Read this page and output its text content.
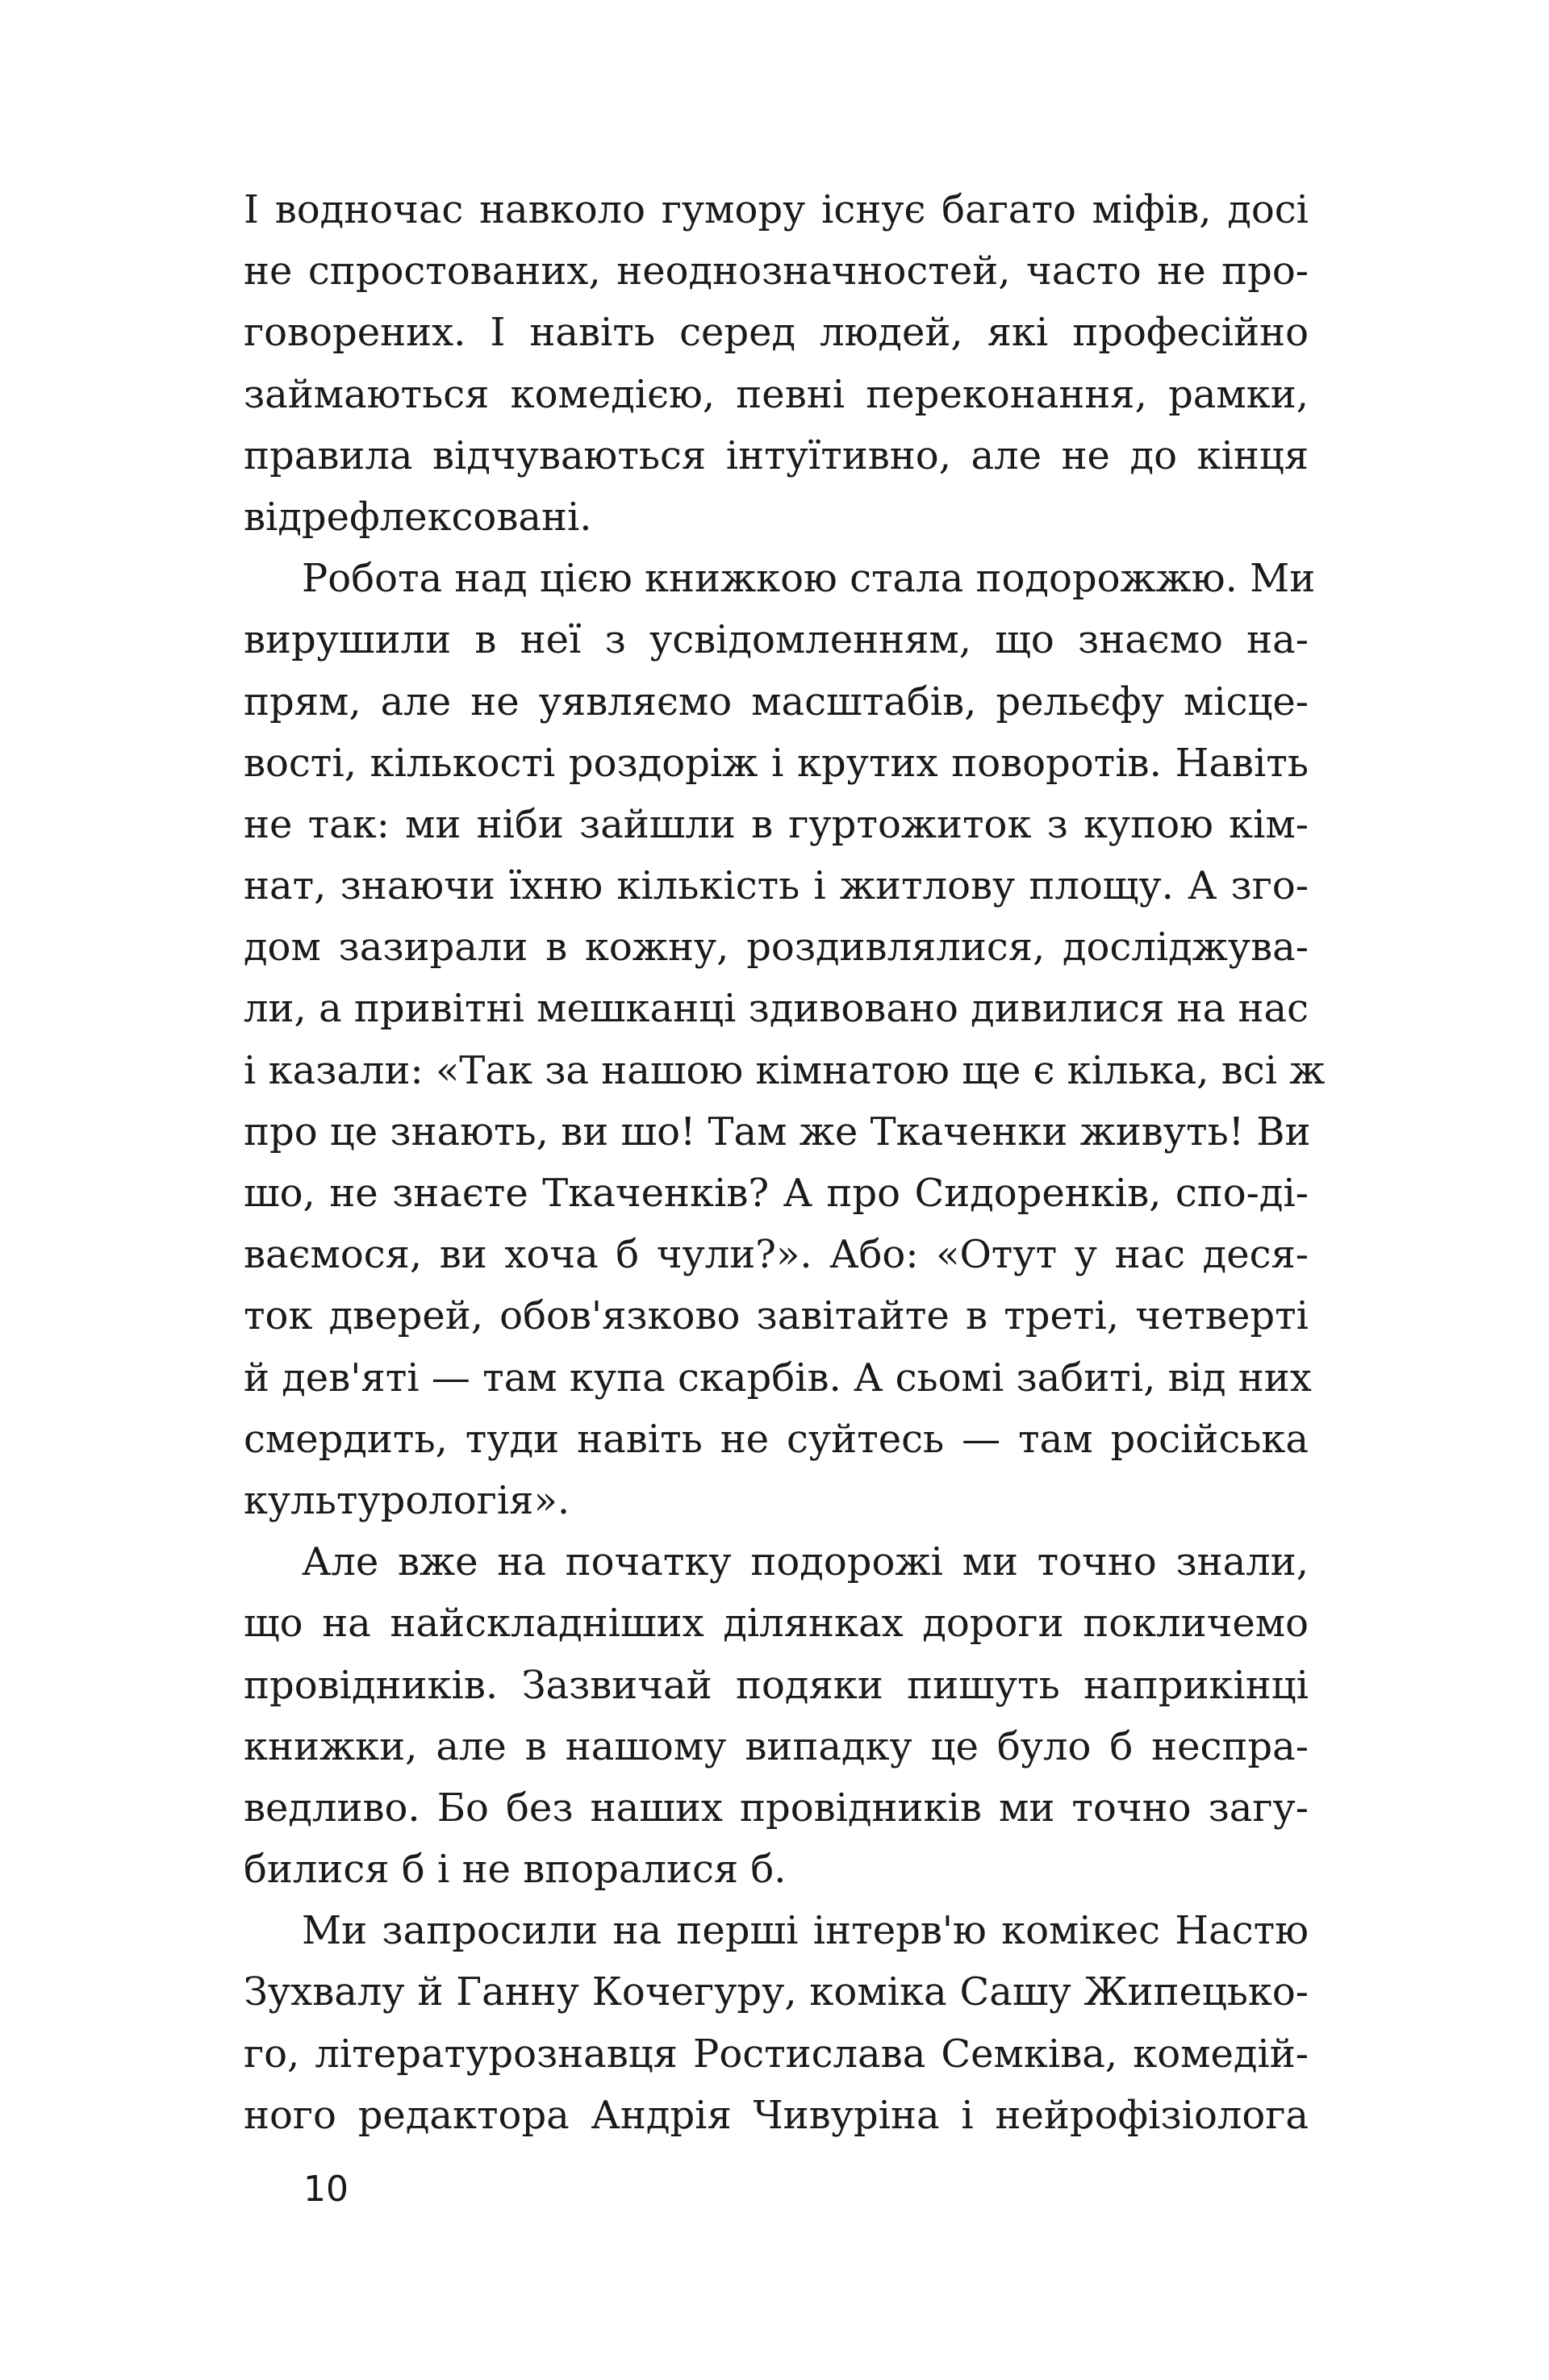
І водночас навколо гумору існує багато міфів, досі
не спростованих, неоднозначностей, часто не про-
говорених. І навіть серед людей, які професійно
займаються комедією, певні переконання, рамки,
правила відчуваються інтуїтивно, але не до кінця
відрефлексовані.
Робота над цією книжкою стала подорожжю. Ми
вирушили в неї з усвідомленням, що знаємо на-
прям, але не уявляємо масштабів, рельєфу місце-
вості, кількості роздоріж і крутих поворотів. Навіть
не так: ми ніби зайшли в гуртожиток з купою кім-
нат, знаючи їхню кількість і житлову площу. А зго-
дом зазирали в кожну, роздивлялися, досліджува-
ли, а привітні мешканці здивовано дивилися на нас
і казали: «Так за нашою кімнатою ще є кілька, всі ж
про це знають, ви шо! Там же Ткаченки живуть! Ви
шо, не знаєте Ткаченків? А про Сидоренків, спо-ді-
ваємося, ви хоча б чули?». Або: «Отут у нас деся-
ток дверей, обов'язково завітайте в треті, четверті
й дев'яті — там купа скарбів. А сьомі забиті, від них
смердить, туди навіть не суйтесь — там російська
культурологія».
Але вже на початку подорожі ми точно знали,
що на найскладніших ділянках дороги покличемо
провідників. Зазвичай подяки пишуть наприкінці
книжки, але в нашому випадку це було б неспра-
ведливо. Бо без наших провідників ми точно загу-
билися б і не впоралися б.
Ми запросили на перші інтерв'ю комікес Настю
Зухвалу й Ганну Кочегуру, коміка Сашу Жипецько-
го, літературознавця Ростислава Семківа, комедій-
ного редактора Андрія Чивуріна і нейрофізіолога
10
